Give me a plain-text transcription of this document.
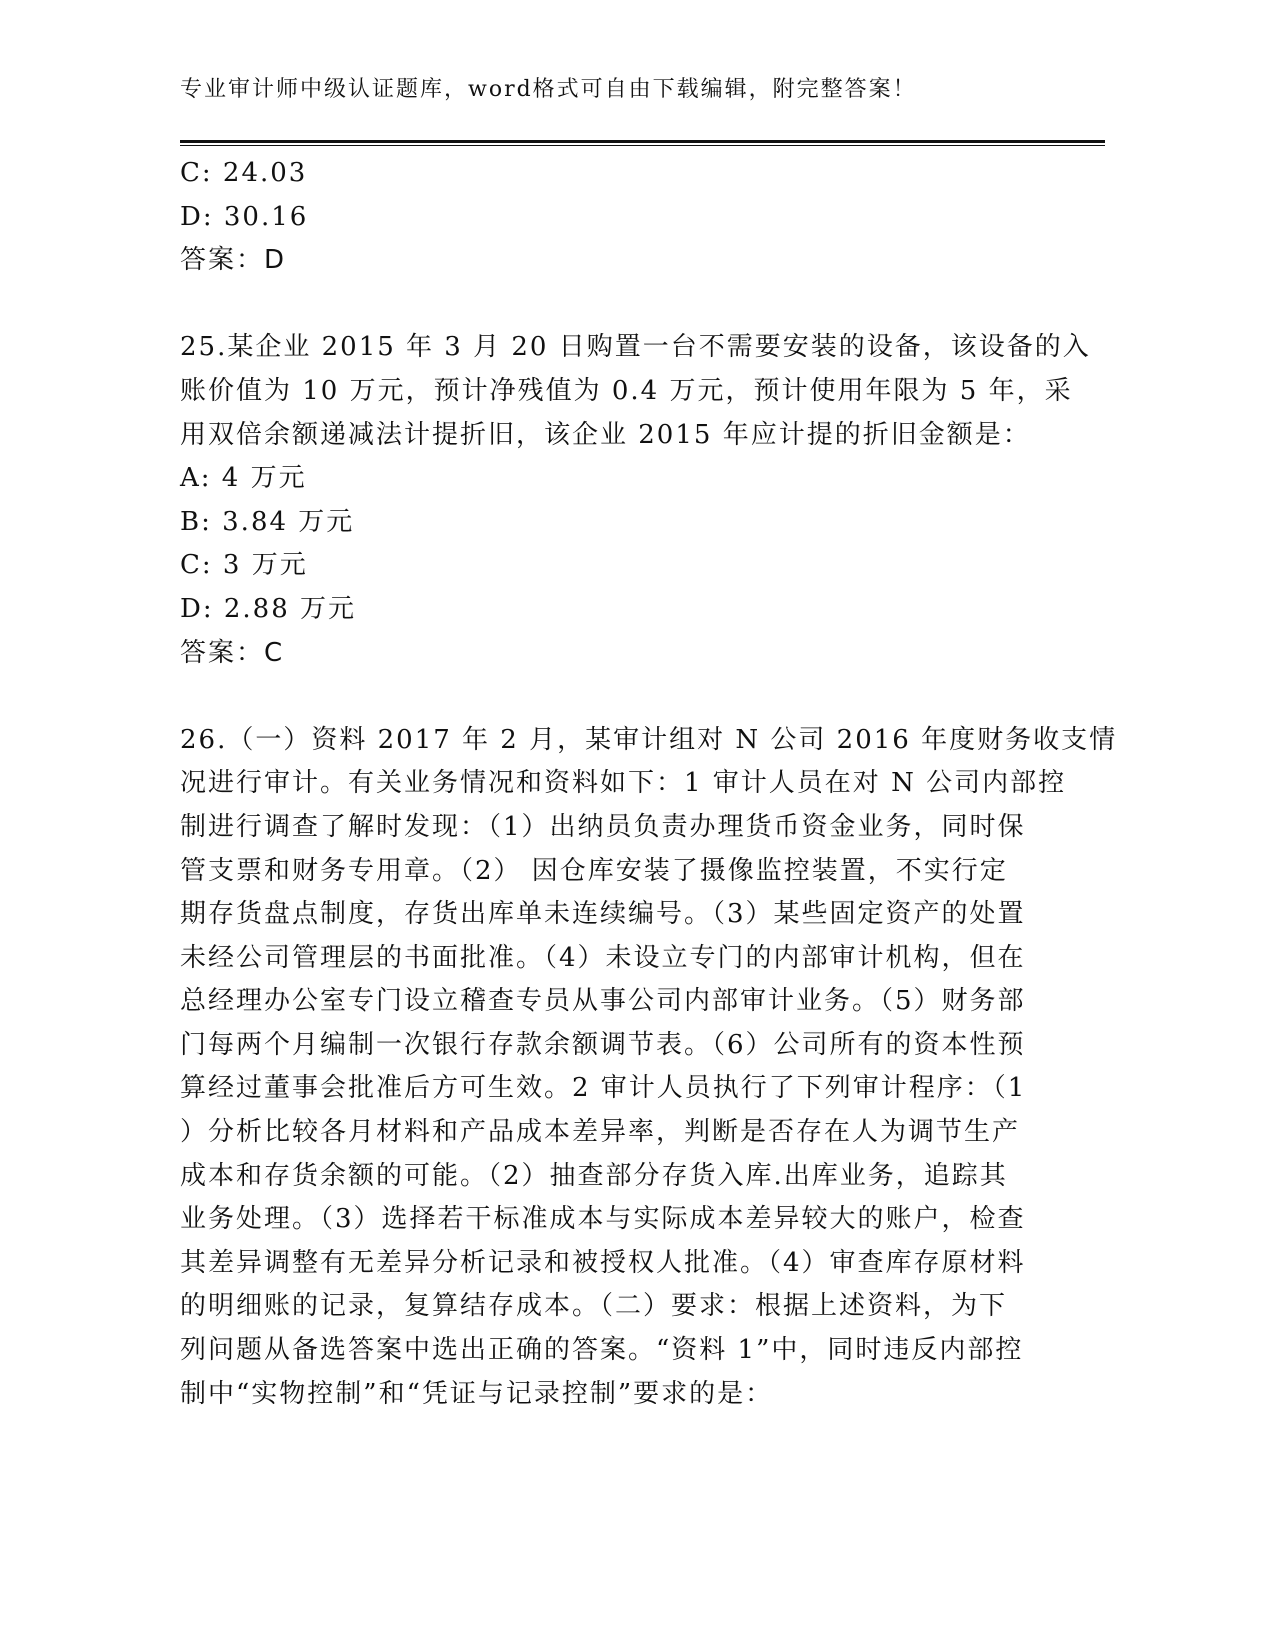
专业审计师中级认证题库，word格式可自由下载编辑，附完整答案！
C: 24.03
D: 30.16
答案：D
25.某企业 2015 年 3 月 20 日购置一台不需要安装的设备，该设备的入
账价值为 10 万元，预计净残值为 0.4 万元，预计使用年限为 5 年，采
用双倍余额递减法计提折旧，该企业 2015 年应计提的折旧金额是：
A: 4 万元
B: 3.84 万元
C: 3 万元
D: 2.88 万元
答案：C
26.（一）资料 2017 年 2 月，某审计组对 N 公司 2016 年度财务收支情
况进行审计。有关业务情况和资料如下：1 审计人员在对 N 公司内部控
制进行调查了解时发现：（1）出纳员负责办理货币资金业务，同时保
管支票和财务专用章。（2） 因仓库安装了摄像监控装置，不实行定
期存货盘点制度，存货出库单未连续编号。（3）某些固定资产的处置
未经公司管理层的书面批准。（4）未设立专门的内部审计机构，但在
总经理办公室专门设立稽查专员从事公司内部审计业务。（5）财务部
门每两个月编制一次银行存款余额调节表。（6）公司所有的资本性预
算经过董事会批准后方可生效。2 审计人员执行了下列审计程序：（1
）分析比较各月材料和产品成本差异率，判断是否存在人为调节生产
成本和存货余额的可能。（2）抽查部分存货入库.出库业务，追踪其
业务处理。（3）选择若干标准成本与实际成本差异较大的账户，检查
其差异调整有无差异分析记录和被授权人批准。（4）审查库存原材料
的明细账的记录，复算结存成本。（二）要求：根据上述资料，为下
列问题从备选答案中选出正确的答案。“资料 1”中，同时违反内部控
制中“实物控制”和“凭证与记录控制”要求的是：
